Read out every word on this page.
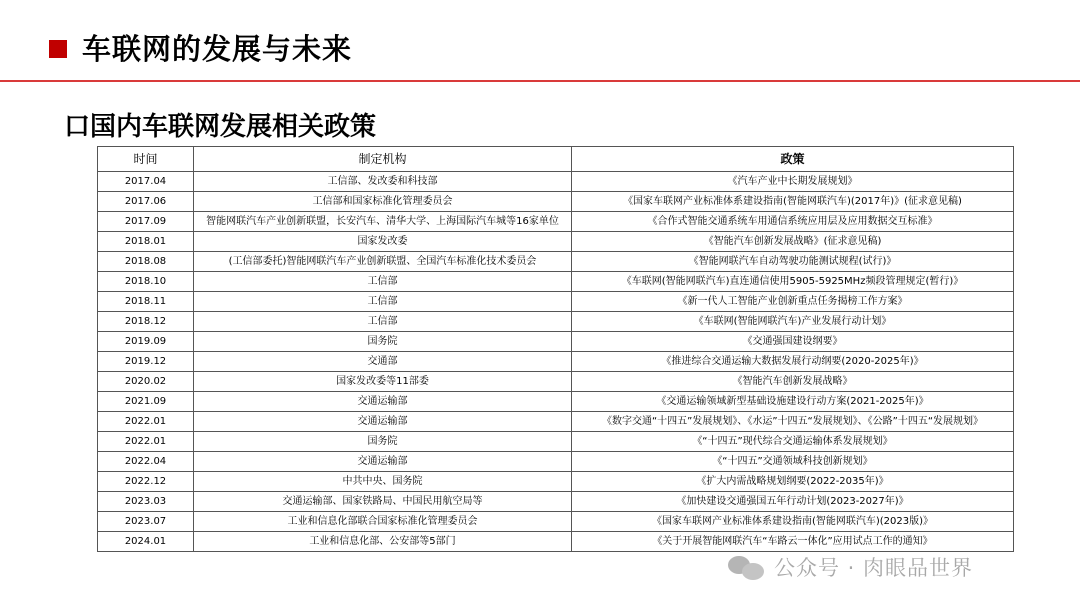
车联网的发展与未来
口国内车联网发展相关政策
时间	制定机构	政策
2017.04	工信部、发改委和科技部	《汽车产业中长期发展规划》
2017.06	工信部和国家标准化管理委员会	《国家车联网产业标准体系建设指南(智能网联汽车)(2017年)》(征求意见稿)
2017.09	智能网联汽车产业创新联盟，长安汽车、清华大学、上海国际汽车城等16家单位	《合作式智能交通系统车用通信系统应用层及应用数据交互标准》
2018.01	国家发改委	《智能汽车创新发展战略》(征求意见稿)
2018.08	(工信部委托)智能网联汽车产业创新联盟、全国汽车标准化技术委员会	《智能网联汽车自动驾驶功能测试规程(试行)》
2018.10	工信部	《车联网(智能网联汽车)直连通信使用5905-5925MHz频段管理规定(暂行)》
2018.11	工信部	《新一代人工智能产业创新重点任务揭榜工作方案》
2018.12	工信部	《车联网(智能网联汽车)产业发展行动计划》
2019.09	国务院	《交通强国建设纲要》
2019.12	交通部	《推进综合交通运输大数据发展行动纲要(2020-2025年)》
2020.02	国家发改委等11部委	《智能汽车创新发展战略》
2021.09	交通运输部	《交通运输领域新型基础设施建设行动方案(2021-2025年)》
2022.01	交通运输部	《数字交通“十四五”发展规划》、《水运”十四五“发展规划》、《公路”十四五“发展规划》
2022.01	国务院	《“十四五”现代综合交通运输体系发展规划》
2022.04	交通运输部	《“十四五”交通领域科技创新规划》
2022.12	中共中央、国务院	《扩大内需战略规划纲要(2022-2035年)》
2023.03	交通运输部、国家铁路局、中国民用航空局等	《加快建设交通强国五年行动计划(2023-2027年)》
2023.07	工业和信息化部联合国家标准化管理委员会	《国家车联网产业标准体系建设指南(智能网联汽车)(2023版)》
2024.01	工业和信息化部、公安部等5部门	《关于开展智能网联汽车“车路云一体化”应用试点工作的通知》
公众号 · 肉眼品世界
